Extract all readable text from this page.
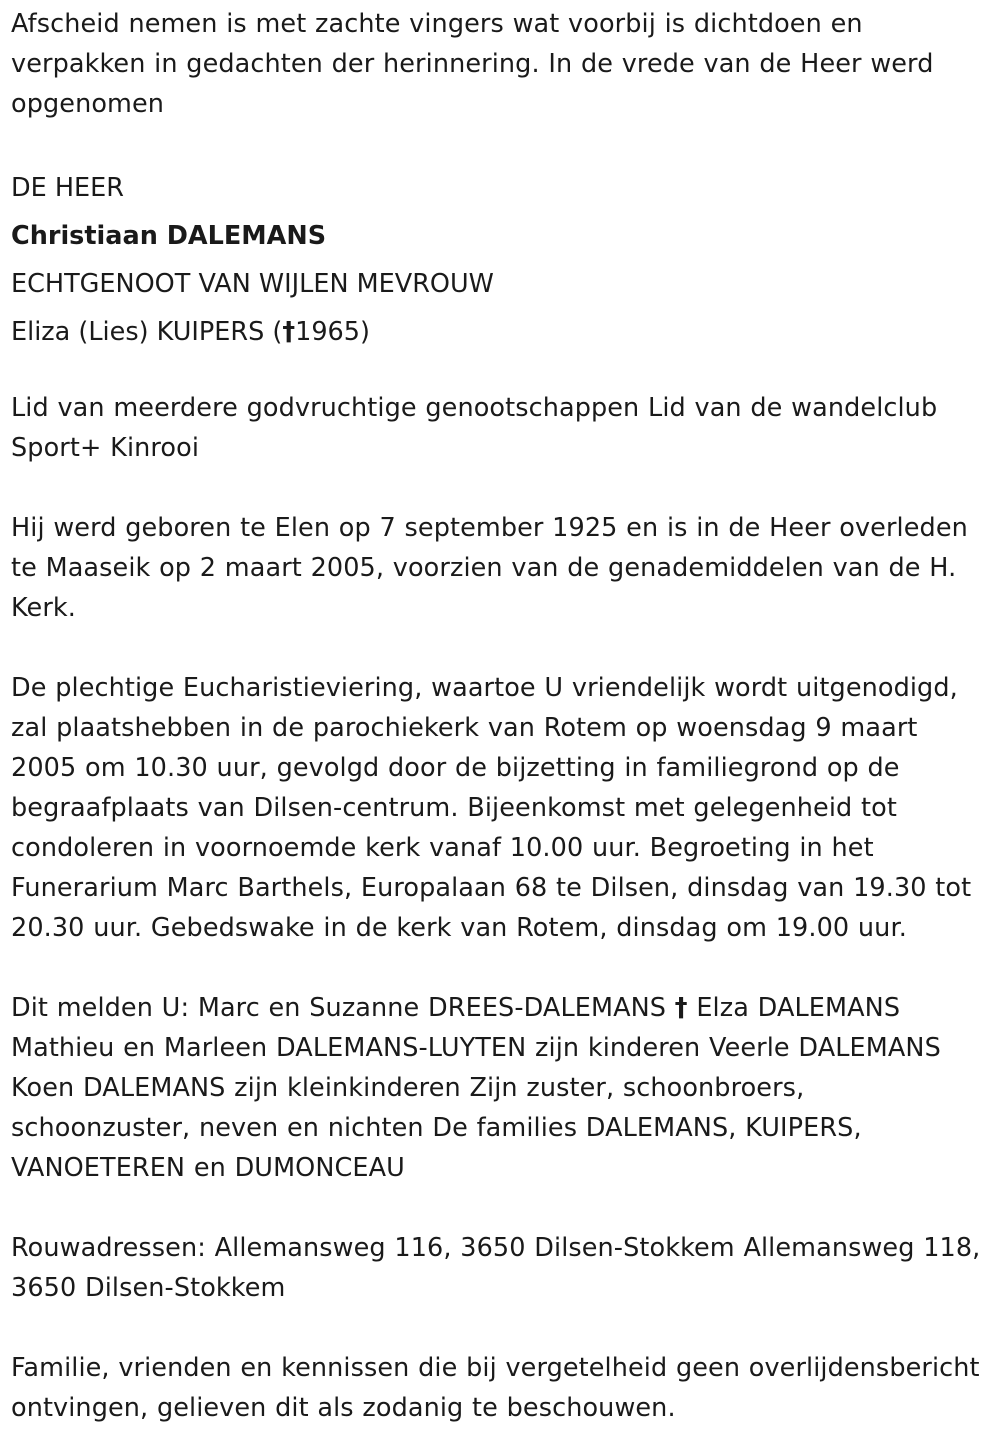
Afscheid nemen is met zachte vingers wat voorbij is dichtdoen en verpakken in gedachten der herinnering. In de vrede van de Heer werd opgenomen

DE HEER

Christiaan DALEMANS

ECHTGENOOT VAN WIJLEN MEVROUW

Eliza (Lies) KUIPERS (†1965)

Lid van meerdere godvruchtige genootschappen Lid van de wandelclub Sport+ Kinrooi

Hij werd geboren te Elen op 7 september 1925 en is in de Heer overleden te Maaseik op 2 maart 2005, voorzien van de genademiddelen van de H. Kerk.

De plechtige Eucharistieviering, waartoe U vriendelijk wordt uitgenodigd, zal plaatshebben in de parochiekerk van Rotem op woensdag 9 maart 2005 om 10.30 uur, gevolgd door de bijzetting in familiegrond op de begraafplaats van Dilsen-centrum. Bijeenkomst met gelegenheid tot condoleren in voornoemde kerk vanaf 10.00 uur. Begroeting in het Funerarium Marc Barthels, Europalaan 68 te Dilsen, dinsdag van 19.30 tot 20.30 uur. Gebedswake in de kerk van Rotem, dinsdag om 19.00 uur.

Dit melden U: Marc en Suzanne DREES-DALEMANS † Elza DALEMANS Mathieu en Marleen DALEMANS-LUYTEN zijn kinderen Veerle DALEMANS Koen DALEMANS zijn kleinkinderen Zijn zuster, schoonbroers, schoonzuster, neven en nichten De families DALEMANS, KUIPERS, VANOETEREN en DUMONCEAU

Rouwadressen: Allemansweg 116, 3650 Dilsen-Stokkem Allemansweg 118, 3650 Dilsen-Stokkem

Familie, vrienden en kennissen die bij vergetelheid geen overlijdensbericht ontvingen, gelieven dit als zodanig te beschouwen.
